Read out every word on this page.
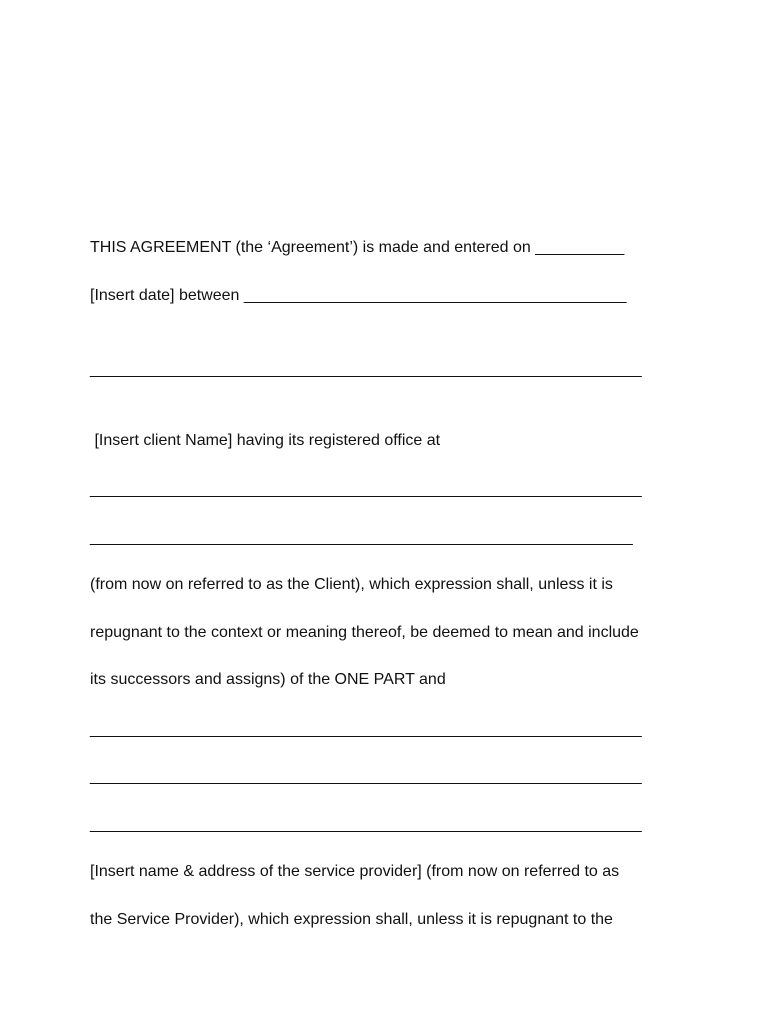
THIS AGREEMENT (the ‘Agreement’) is made and entered on __________

[Insert date] between ___________________________________________

______________________________________________________________

[Insert client Name] having its registered office at

______________________________________________________________

_____________________________________________________________

(from now on referred to as the Client), which expression shall, unless it is

repugnant to the context or meaning thereof, be deemed to mean and include

its successors and assigns) of the ONE PART and

______________________________________________________________

______________________________________________________________

______________________________________________________________

[Insert name & address of the service provider] (from now on referred to as

the Service Provider), which expression shall, unless it is repugnant to the
